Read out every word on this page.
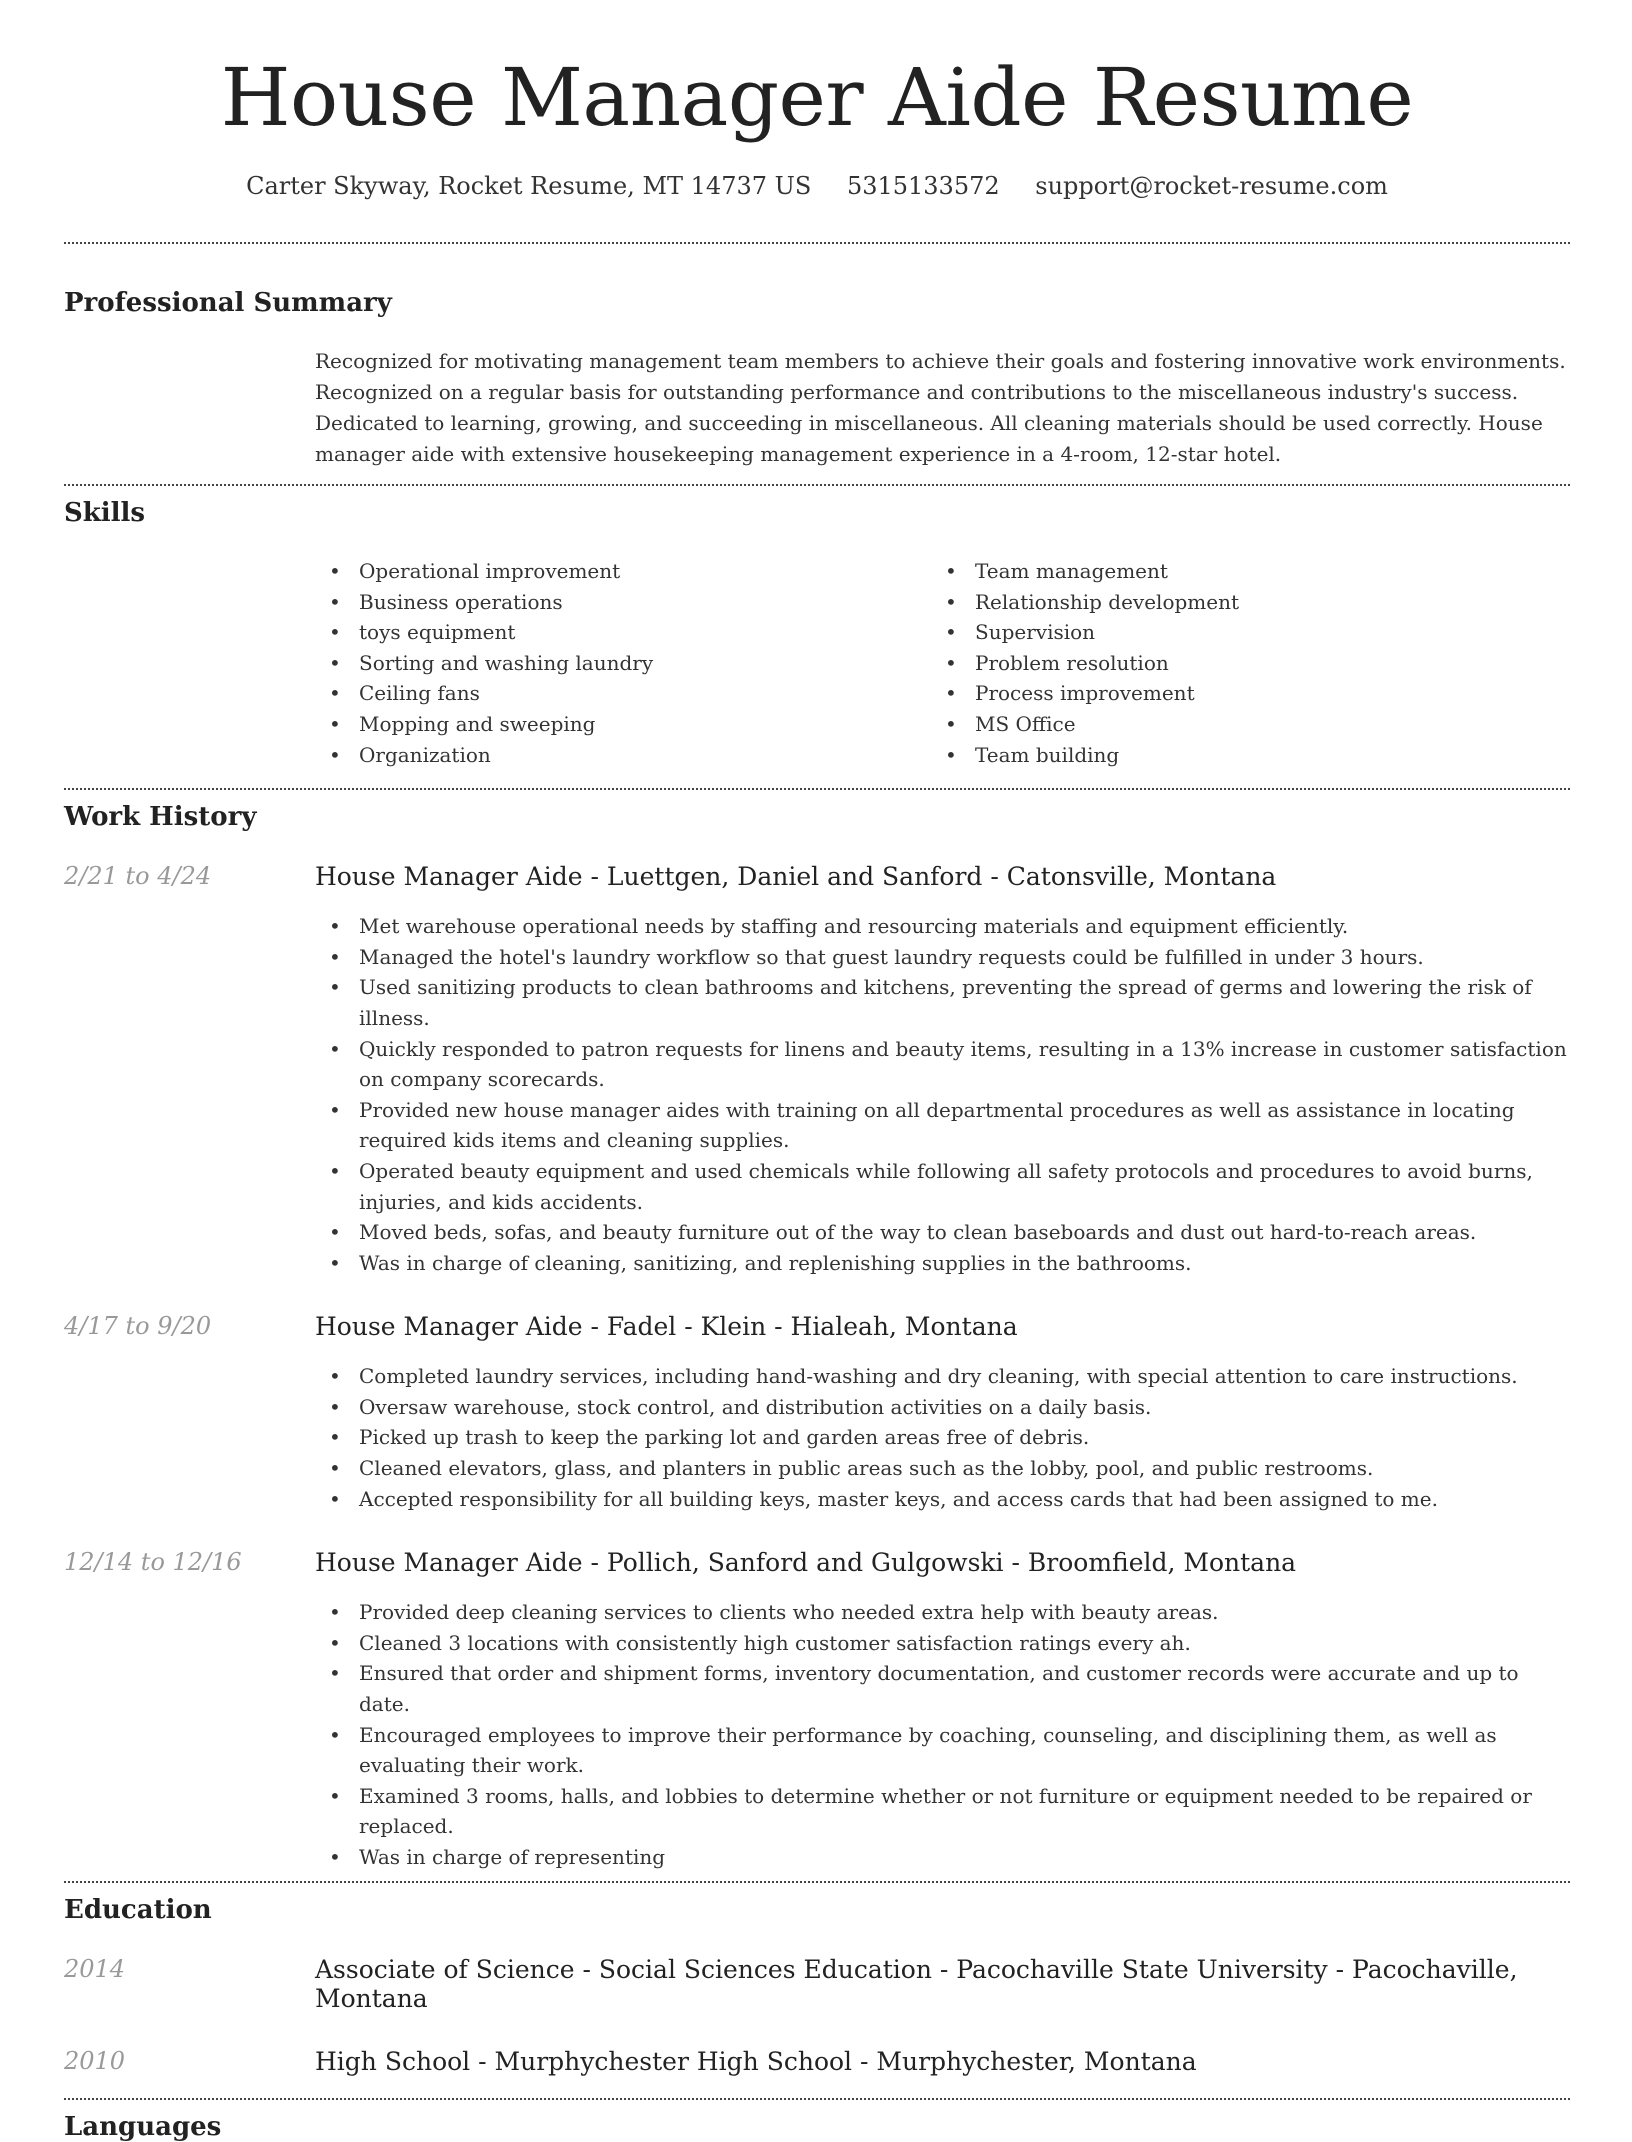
House Manager Aide Resume
Carter Skyway, Rocket Resume, MT 14737 US 5315133572 support@rocket-resume.com
Professional Summary

Recognized for motivating management team members to achieve their goals and fostering innovative work environments. Recognized on a regular basis for outstanding performance and contributions to the miscellaneous industry's success. Dedicated to learning, growing, and succeeding in miscellaneous. All cleaning materials should be used correctly. House manager aide with extensive housekeeping management experience in a 4-room, 12-star hotel.

Skills
• Operational improvement
• Business operations
• toys equipment
• Sorting and washing laundry
• Ceiling fans
• Mopping and sweeping
• Organization
• Team management
• Relationship development
• Supervision
• Problem resolution
• Process improvement
• MS Office
• Team building
Work History
2/21 to 4/24	House Manager Aide - Luettgen, Daniel and Sanford - Catonsville, Montana
• Met warehouse operational needs by staffing and resourcing materials and equipment efficiently.
• Managed the hotel's laundry workflow so that guest laundry requests could be fulfilled in under 3 hours.
• Used sanitizing products to clean bathrooms and kitchens, preventing the spread of germs and lowering the risk of illness.
• Quickly responded to patron requests for linens and beauty items, resulting in a 13% increase in customer satisfaction on company scorecards.
• Provided new house manager aides with training on all departmental procedures as well as assistance in locating required kids items and cleaning supplies.
• Operated beauty equipment and used chemicals while following all safety protocols and procedures to avoid burns, injuries, and kids accidents.
• Moved beds, sofas, and beauty furniture out of the way to clean baseboards and dust out hard-to-reach areas.
• Was in charge of cleaning, sanitizing, and replenishing supplies in the bathrooms.
4/17 to 9/20	House Manager Aide - Fadel - Klein - Hialeah, Montana
• Completed laundry services, including hand-washing and dry cleaning, with special attention to care instructions.
• Oversaw warehouse, stock control, and distribution activities on a daily basis.
• Picked up trash to keep the parking lot and garden areas free of debris.
• Cleaned elevators, glass, and planters in public areas such as the lobby, pool, and public restrooms.
• Accepted responsibility for all building keys, master keys, and access cards that had been assigned to me.
12/14 to 12/16	House Manager Aide - Pollich, Sanford and Gulgowski - Broomfield, Montana
• Provided deep cleaning services to clients who needed extra help with beauty areas.
• Cleaned 3 locations with consistently high customer satisfaction ratings every ah.
• Ensured that order and shipment forms, inventory documentation, and customer records were accurate and up to date.
• Encouraged employees to improve their performance by coaching, counseling, and disciplining them, as well as evaluating their work.
• Examined 3 rooms, halls, and lobbies to determine whether or not furniture or equipment needed to be repaired or replaced.
• Was in charge of representing
Education
2014	Associate of Science - Social Sciences Education - Pacochaville State University - Pacochaville, Montana
2010	High School - Murphychester High School - Murphychester, Montana
Languages
